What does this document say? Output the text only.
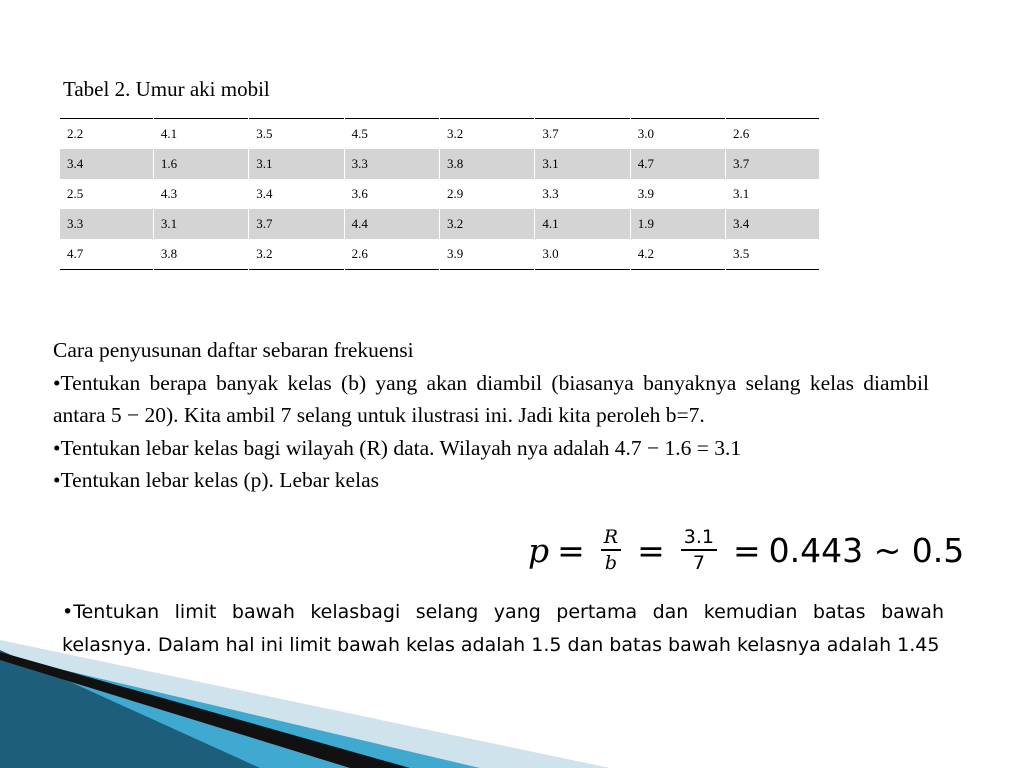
Tabel 2. Umur aki mobil
2.2	4.1	3.5	4.5	3.2	3.7	3.0	2.6
3.4	1.6	3.1	3.3	3.8	3.1	4.7	3.7
2.5	4.3	3.4	3.6	2.9	3.3	3.9	3.1
3.3	3.1	3.7	4.4	3.2	4.1	1.9	3.4
4.7	3.8	3.2	2.6	3.9	3.0	4.2	3.5

Cara penyusunan daftar sebaran frekuensi

•Tentukan berapa banyak kelas (b) yang akan diambil (biasanya banyaknya selang kelas diambil antara 5 − 20). Kita ambil 7 selang untuk ilustrasi ini. Jadi kita peroleh b=7.

•Tentukan lebar kelas bagi wilayah (R) data. Wilayah nya adalah 4.7 − 1.6 = 3.1

•Tentukan lebar kelas (p). Lebar kelas

$p = \frac{R}{b} = \frac{3.1}{7} = 0.443$ ~ 0.5
•Tentukan limit bawah kelasbagi selang yang pertama dan kemudian batas bawah kelasnya. Dalam hal ini limit bawah kelas adalah 1.5 dan batas bawah kelasnya adalah 1.45
